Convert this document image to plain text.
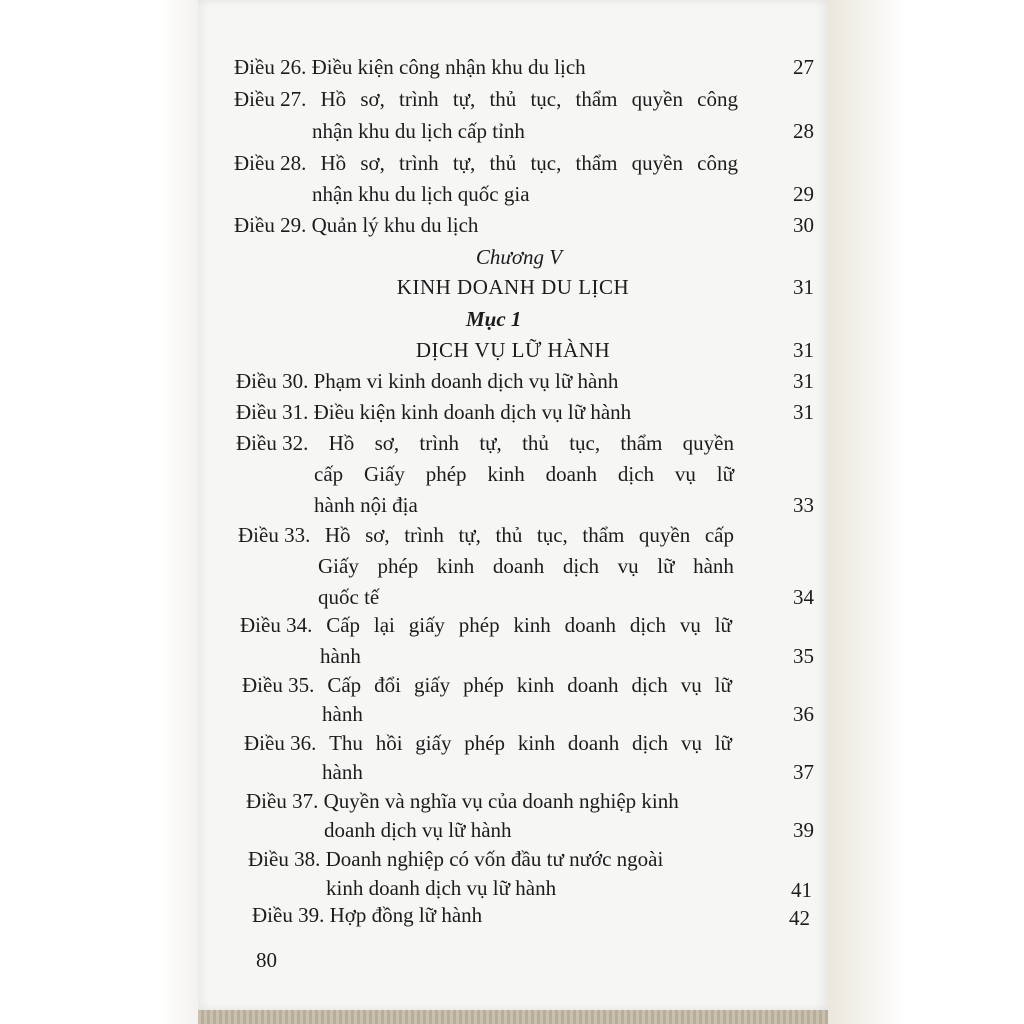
Điều 26. Điều kiện công nhận khu du lịch	27
Điều 27. Hồ sơ, trình tự, thủ tục, thẩm quyền công
nhận khu du lịch cấp tỉnh	28
Điều 28. Hồ sơ, trình tự, thủ tục, thẩm quyền công
nhận khu du lịch quốc gia	29
Điều 29. Quản lý khu du lịch	30
Chương V
KINH DOANH DU LỊCH	31
Mục 1
DỊCH VỤ LỮ HÀNH	31
Điều 30. Phạm vi kinh doanh dịch vụ lữ hành	31
Điều 31. Điều kiện kinh doanh dịch vụ lữ hành	31
Điều 32. Hồ sơ, trình tự, thủ tục, thẩm quyền
cấp Giấy phép kinh doanh dịch vụ lữ
hành nội địa	33
Điều 33. Hồ sơ, trình tự, thủ tục, thẩm quyền cấp
Giấy phép kinh doanh dịch vụ lữ hành
quốc tế	34
Điều 34. Cấp lại giấy phép kinh doanh dịch vụ lữ
hành	35
Điều 35. Cấp đổi giấy phép kinh doanh dịch vụ lữ
hành	36
Điều 36. Thu hồi giấy phép kinh doanh dịch vụ lữ
hành	37
Điều 37. Quyền và nghĩa vụ của doanh nghiệp kinh
doanh dịch vụ lữ hành	39
Điều 38. Doanh nghiệp có vốn đầu tư nước ngoài
kinh doanh dịch vụ lữ hành	41
Điều 39. Hợp đồng lữ hành	42
80
